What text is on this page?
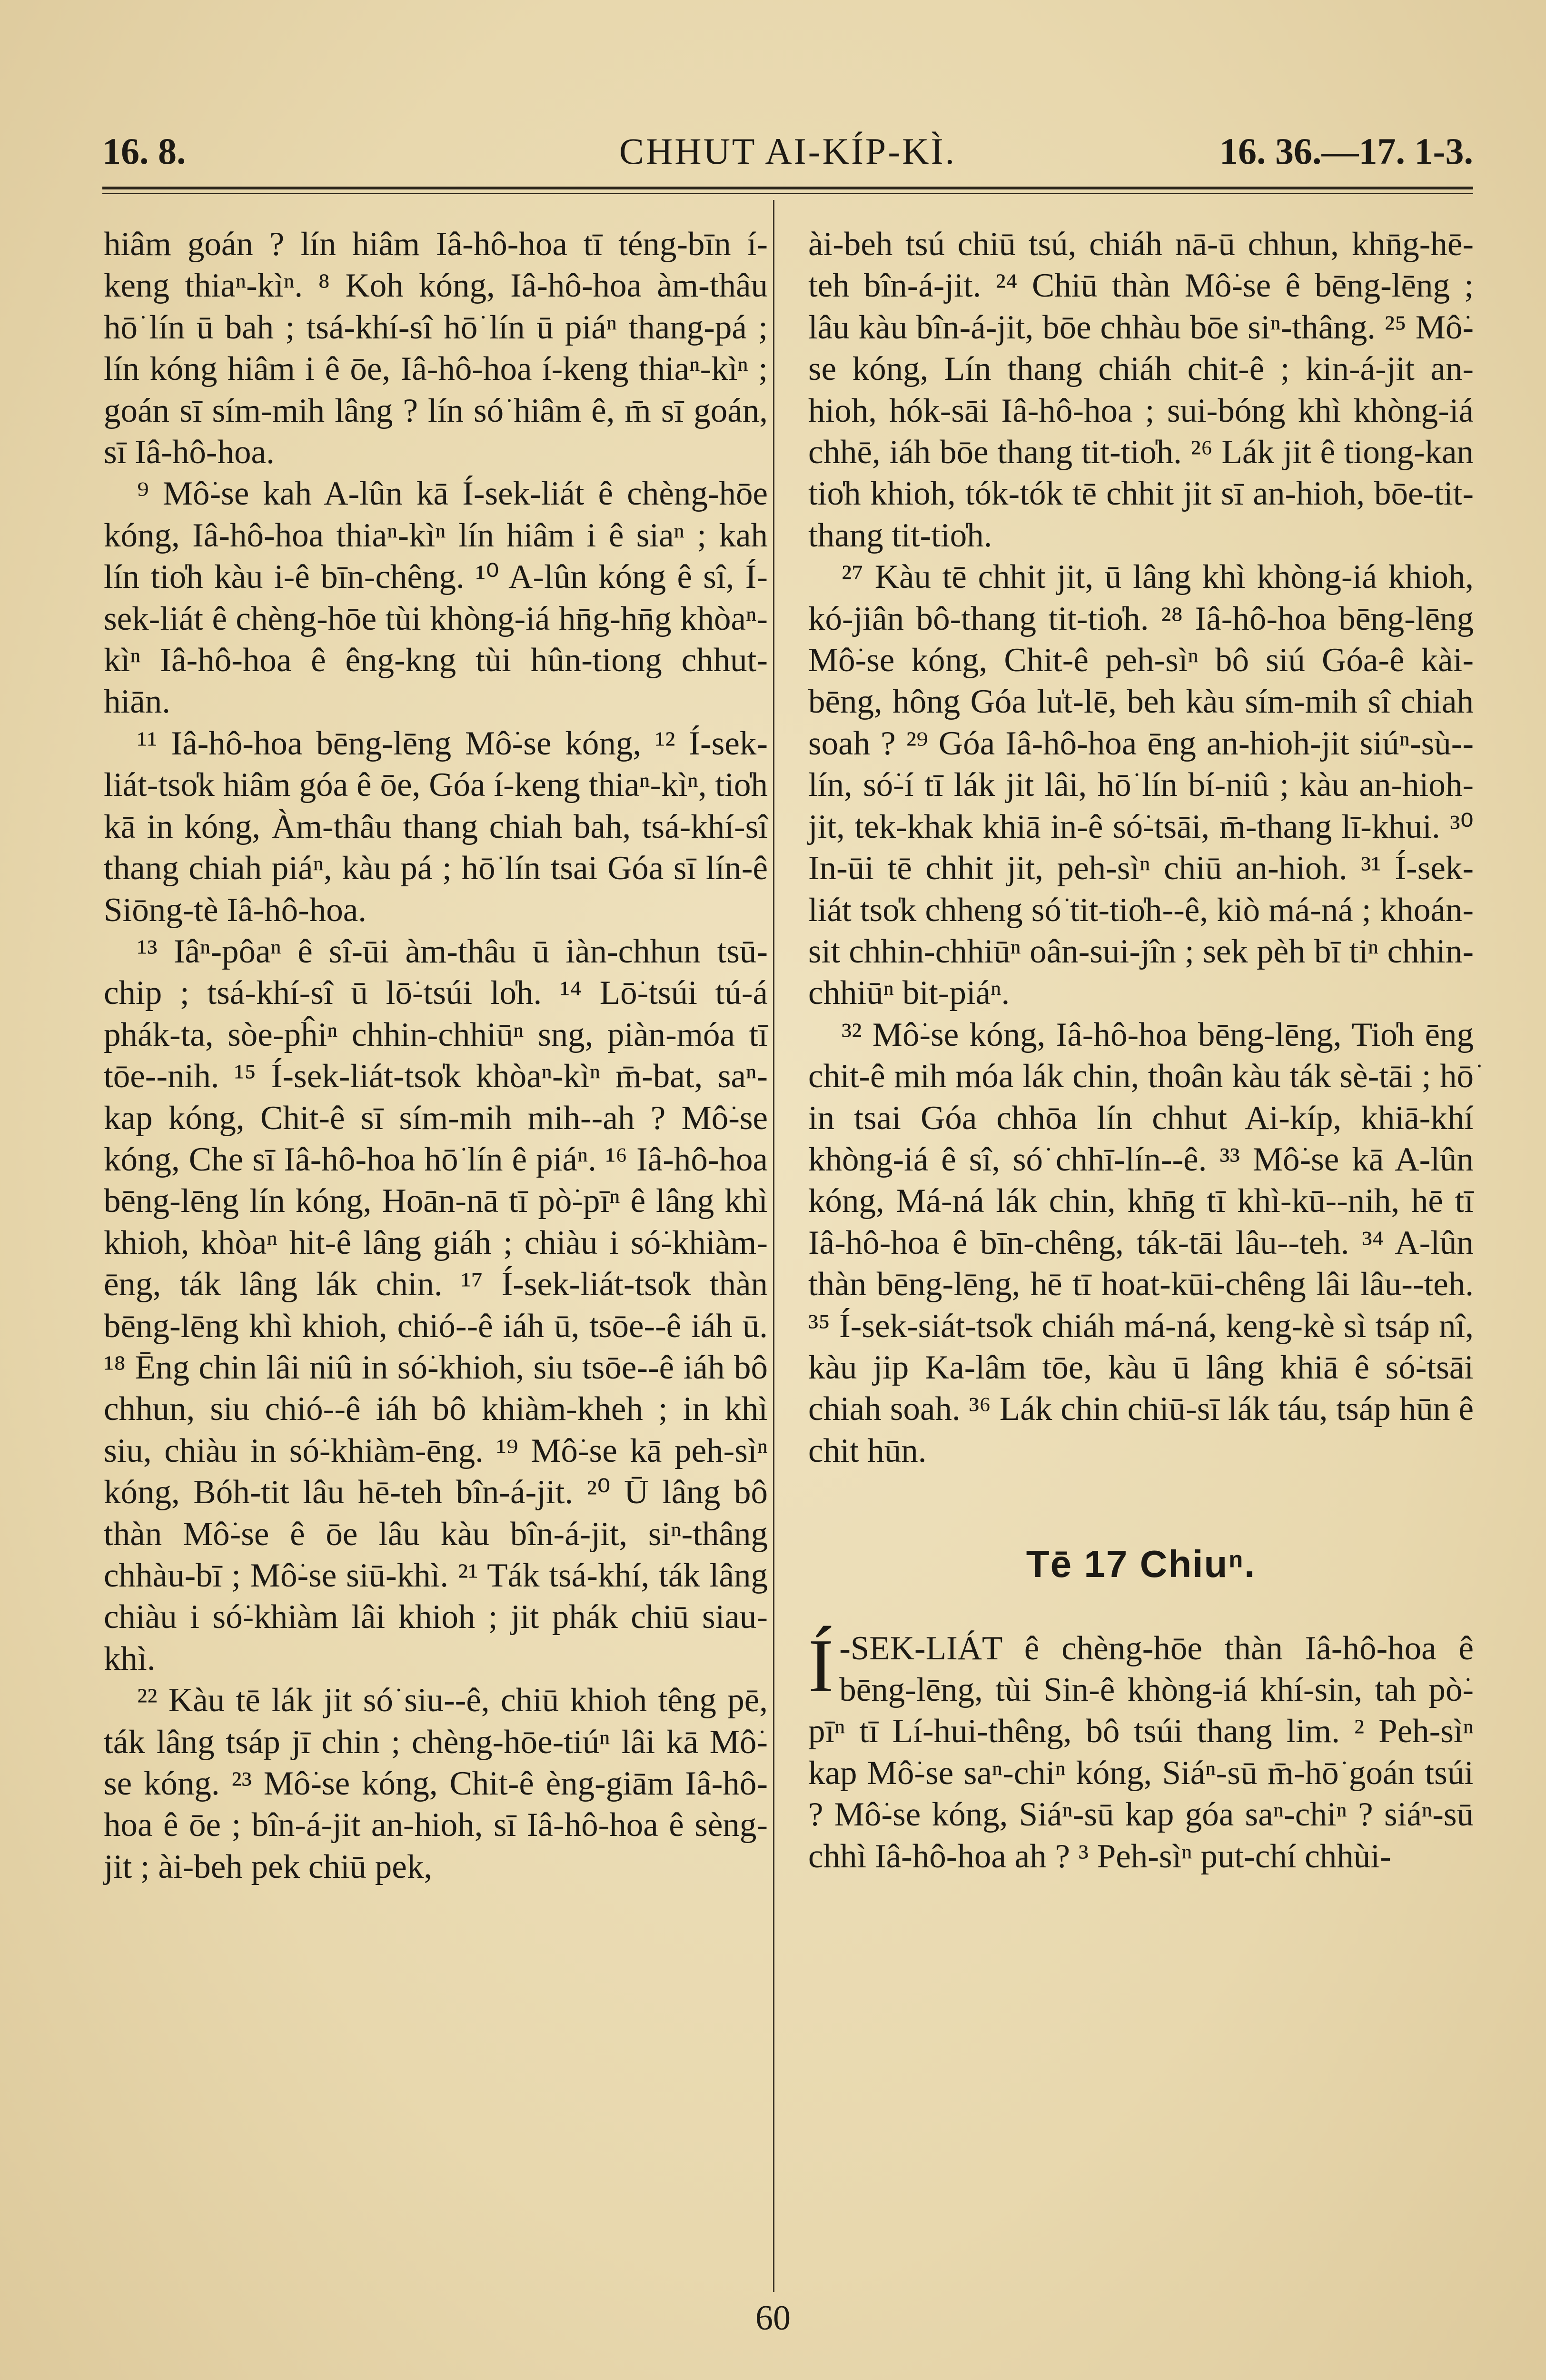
16. 8.	CHHUT AI-KÍP-KÌ.	16. 36.—17. 1-3.

hiâm goán ? lín hiâm Iâ-hô-hoa tī téng-bīn í-keng thiaⁿ-kìⁿ. ⁸ Koh kóng, Iâ-hô-hoa àm-thâu hō͘ lín ū bah ; tsá-khí-sî hō͘ lín ū piáⁿ thang-pá ; lín kóng hiâm i ê ōe, Iâ-hô-hoa í-keng thiaⁿ-kìⁿ ; goán sī sím-mih lâng ? lín só͘ hiâm ê, m̄ sī goán, sī Iâ-hô-hoa.

⁹ Mô͘-se kah A-lûn kā Í-sek-liát ê chèng-hōe kóng, Iâ-hô-hoa thiaⁿ-kìⁿ lín hiâm i ê siaⁿ ; kah lín tio̍h kàu i-ê bīn-chêng. ¹⁰ A-lûn kóng ê sî, Í-sek-liát ê chèng-hōe tùi khòng-iá hn̄g-hn̄g khòaⁿ-kìⁿ Iâ-hô-hoa ê êng-kng tùi hûn-tiong chhut-hiān.

¹¹ Iâ-hô-hoa bēng-lēng Mô͘-se kóng, ¹² Í-sek-liát-tso̍k hiâm góa ê ōe, Góa í-keng thiaⁿ-kìⁿ, tio̍h kā in kóng, Àm-thâu thang chiah bah, tsá-khí-sî thang chiah piáⁿ, kàu pá ; hō͘ lín tsai Góa sī lín-ê Siōng-tè Iâ-hô-hoa.

¹³ Iâⁿ-pôaⁿ ê sî-ūi àm-thâu ū iàn-chhun tsū-chip ; tsá-khí-sî ū lō͘-tsúi lo̍h. ¹⁴ Lō͘-tsúi tú-á phák-ta, sòe-pĥiⁿ chhin-chhiūⁿ sng, piàn-móa tī tōe--nih. ¹⁵ Í-sek-liát-tso̍k khòaⁿ-kìⁿ m̄-bat, saⁿ-kap kóng, Chit-ê sī sím-mih mih--ah ? Mô͘-se kóng, Che sī Iâ-hô-hoa hō͘ lín ê piáⁿ. ¹⁶ Iâ-hô-hoa bēng-lēng lín kóng, Hoān-nā tī pò͘-pīⁿ ê lâng khì khioh, khòaⁿ hit-ê lâng giáh ; chiàu i só͘-khiàm-ēng, ták lâng lák chin. ¹⁷ Í-sek-liát-tso̍k thàn bēng-lēng khì khioh, chió--ê iáh ū, tsōe--ê iáh ū. ¹⁸ Ēng chin lâi niû in só͘-khioh, siu tsōe--ê iáh bô chhun, siu chió--ê iáh bô khiàm-kheh ; in khì siu, chiàu in só͘-khiàm-ēng. ¹⁹ Mô͘-se kā peh-sìⁿ kóng, Bóh-tit lâu hē-teh bîn-á-jit. ²⁰ Ū lâng bô thàn Mô͘-se ê ōe lâu kàu bîn-á-jit, siⁿ-thâng chhàu-bī ; Mô͘-se siū-khì. ²¹ Ták tsá-khí, ták lâng chiàu i só͘-khiàm lâi khioh ; jit phák chiū siau-khì.

²² Kàu tē lák jit só͘ siu--ê, chiū khioh têng pē, ták lâng tsáp jī chin ; chèng-hōe-tiúⁿ lâi kā Mô͘-se kóng. ²³ Mô͘-se kóng, Chit-ê èng-giām Iâ-hô-hoa ê ōe ; bîn-á-jit an-hioh, sī Iâ-hô-hoa ê sèng-jit ; ài-beh pek chiū pek,

ài-beh tsú chiū tsú, chiáh nā-ū chhun, khn̄g-hē-teh bîn-á-jit. ²⁴ Chiū thàn Mô͘-se ê bēng-lēng ; lâu kàu bîn-á-jit, bōe chhàu bōe siⁿ-thâng. ²⁵ Mô͘-se kóng, Lín thang chiáh chit-ê ; kin-á-jit an-hioh, hók-sāi Iâ-hô-hoa ; sui-bóng khì khòng-iá chhē, iáh bōe thang tit-tio̍h. ²⁶ Lák jit ê tiong-kan tio̍h khioh, tók-tók tē chhit jit sī an-hioh, bōe-tit-thang tit-tio̍h.

²⁷ Kàu tē chhit jit, ū lâng khì khòng-iá khioh, kó-jiân bô-thang tit-tio̍h. ²⁸ Iâ-hô-hoa bēng-lēng Mô͘-se kóng, Chit-ê peh-sìⁿ bô siú Góa-ê kài-bēng, hông Góa lu̍t-lē, beh kàu sím-mih sî chiah soah ? ²⁹ Góa Iâ-hô-hoa ēng an-hioh-jit siúⁿ-sù--lín, só͘-í tī lák jit lâi, hō͘ lín bí-niû ; kàu an-hioh-jit, tek-khak khiā in-ê só͘-tsāi, m̄-thang lī-khui. ³⁰ In-ūi tē chhit jit, peh-sìⁿ chiū an-hioh. ³¹ Í-sek-liát tso̍k chheng só͘ tit-tio̍h--ê, kiò má-ná ; khoán-sit chhin-chhiūⁿ oân-sui-jîn ; sek pèh bī tiⁿ chhin-chhiūⁿ bit-piáⁿ.

³² Mô͘-se kóng, Iâ-hô-hoa bēng-lēng, Tio̍h ēng chit-ê mih móa lák chin, thoân kàu ták sè-tāi ; hō͘ in tsai Góa chhōa lín chhut Ai-kíp, khiā-khí khòng-iá ê sî, só͘ chhī-lín--ê. ³³ Mô͘-se kā A-lûn kóng, Má-ná lák chin, khn̄g tī khì-kū--nih, hē tī Iâ-hô-hoa ê bīn-chêng, ták-tāi lâu--teh. ³⁴ A-lûn thàn bēng-lēng, hē tī hoat-kūi-chêng lâi lâu--teh. ³⁵ Í-sek-siát-tso̍k chiáh má-ná, keng-kè sì tsáp nî, kàu jip Ka-lâm tōe, kàu ū lâng khiā ê só͘-tsāi chiah soah. ³⁶ Lák chin chiū-sī lák táu, tsáp hūn ê chit hūn.

Tē 17 Chiuⁿ.

Í -SEK-LIÁT ê chèng-hōe thàn Iâ-hô-hoa ê bēng-lēng, tùi Sin-ê khòng-iá khí-sin, tah pò͘-pīⁿ tī Lí-hui-thêng, bô tsúi thang lim. ² Peh-sìⁿ kap Mô͘-se saⁿ-chiⁿ kóng, Siáⁿ-sū m̄-hō͘ goán tsúi ? Mô͘-se kóng, Siáⁿ-sū kap góa saⁿ-chiⁿ ? siáⁿ-sū chhì Iâ-hô-hoa ah ? ³ Peh-sìⁿ put-chí chhùi-

60
